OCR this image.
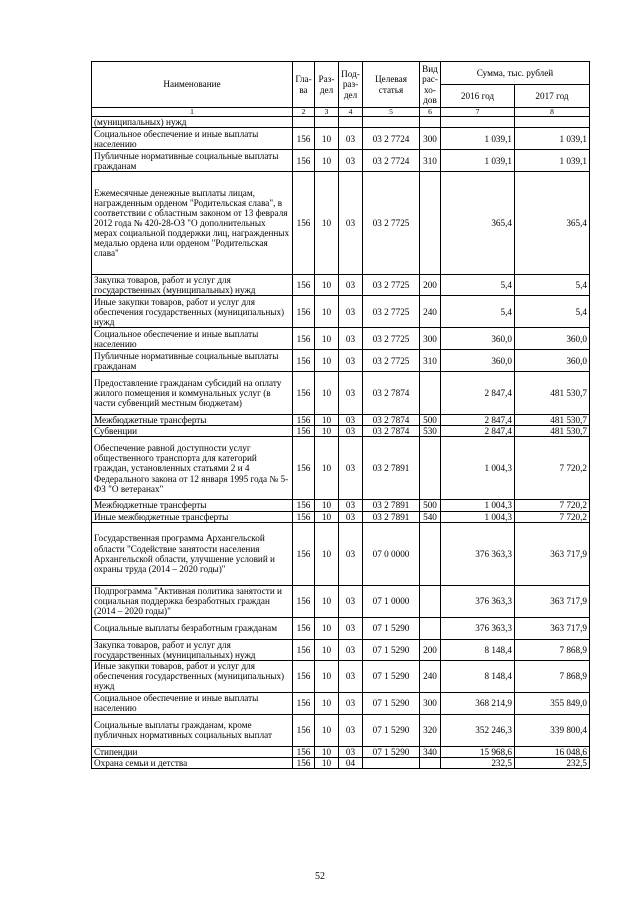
Наименование	Гла-ва	Раз-дел	Под-раз-дел	Целевая статья	Вид рас-хо-дов	Сумма, тыс. рублей	
						2016 год	2017 год
1	2	3	4	5	6	7	8
(муниципальных) нужд							
Социальное обеспечение и иные выплаты населению	156	10	03	03 2 7724	300	1 039,1	1 039,1
Публичные нормативные социальные выплаты гражданам	156	10	03	03 2 7724	310	1 039,1	1 039,1
Ежемесячные денежные выплаты лицам, награжденным орденом "Родительская слава", в соответствии с областным законом от 13 февраля 2012 года № 420-28-ОЗ "О дополнительных мерах социальной поддержки лиц, награжденных медалью ордена или орденом "Родительская слава"	156	10	03	03 2 7725		365,4	365,4
Закупка товаров, работ и услуг для государственных (муниципальных) нужд	156	10	03	03 2 7725	200	5,4	5,4
Иные закупки товаров, работ и услуг для обеспечения государственных (муниципальных) нужд	156	10	03	03 2 7725	240	5,4	5,4
Социальное обеспечение и иные выплаты населению	156	10	03	03 2 7725	300	360,0	360,0
Публичные нормативные социальные выплаты гражданам	156	10	03	03 2 7725	310	360,0	360,0
Предоставление гражданам субсидий на оплату жилого помещения и коммунальных услуг (в части субвенций местным бюджетам)	156	10	03	03 2 7874		2 847,4	481 530,7
Межбюджетные трансферты	156	10	03	03 2 7874	500	2 847,4	481 530,7
Субвенции	156	10	03	03 2 7874	530	2 847,4	481 530,7
Обеспечение равной доступности услуг общественного транспорта для категорий граждан, установленных статьями 2 и 4 Федерального закона от 12 января 1995 года № 5-ФЗ "О ветеранах"	156	10	03	03 2 7891		1 004,3	7 720,2
Межбюджетные трансферты	156	10	03	03 2 7891	500	1 004,3	7 720,2
Иные межбюджетные трансферты	156	10	03	03 2 7891	540	1 004,3	7 720,2
Государственная программа Архангельской области "Содействие занятости населения Архангельской области, улучшение условий и охраны труда (2014 – 2020 годы)"	156	10	03	07 0 0000		376 363,3	363 717,9
Подпрограмма "Активная политика занятости и социальная поддержка безработных граждан (2014 – 2020 годы)"	156	10	03	07 1 0000		376 363,3	363 717,9
Социальные выплаты безработным гражданам	156	10	03	07 1 5290		376 363,3	363 717,9
Закупка товаров, работ и услуг для государственных (муниципальных) нужд	156	10	03	07 1 5290	200	8 148,4	7 868,9
Иные закупки товаров, работ и услуг для обеспечения государственных (муниципальных) нужд	156	10	03	07 1 5290	240	8 148,4	7 868,9
Социальное обеспечение и иные выплаты населению	156	10	03	07 1 5290	300	368 214,9	355 849,0
Социальные выплаты гражданам, кроме публичных нормативных социальных выплат	156	10	03	07 1 5290	320	352 246,3	339 800,4
Стипендии	156	10	03	07 1 5290	340	15 968,6	16 048,6
Охрана семьи и детства	156	10	04			232,5	232,5
52
